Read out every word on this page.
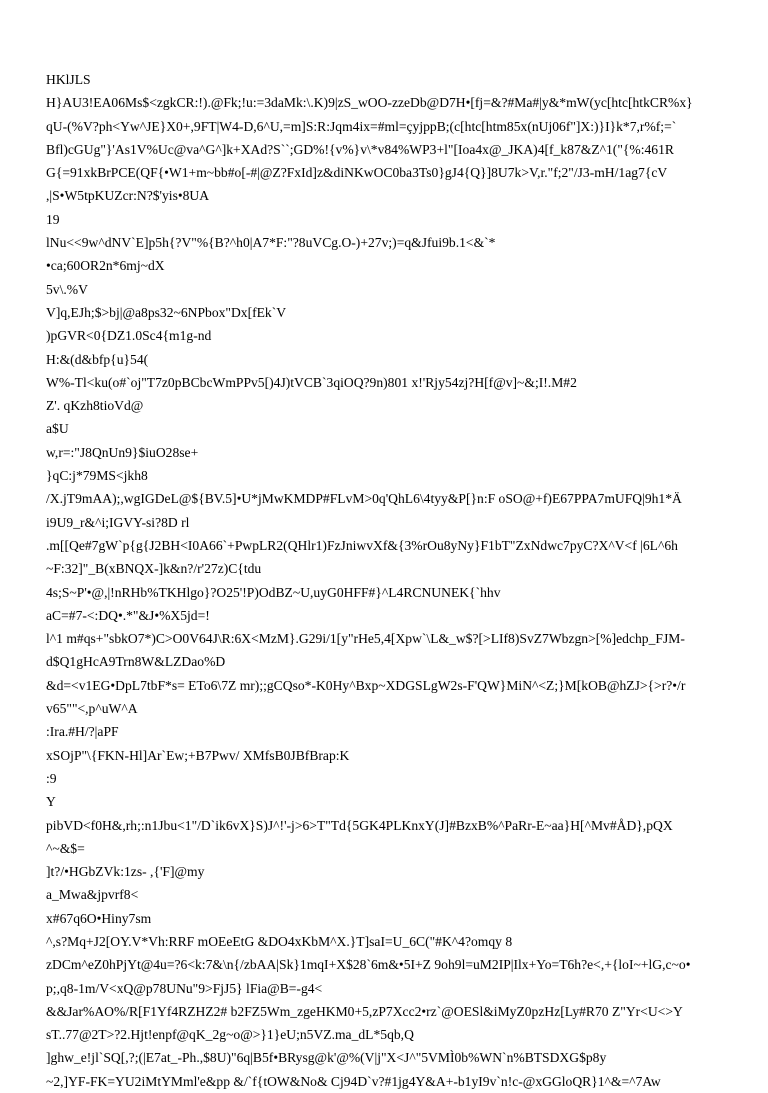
HKlJLS
H}AU3!EA06Ms$<zgkCR:!).@Fk;!u:=3daMk:\.K)9|zS_wOO-zzeDb@D7H•[fj=&?#Ma#|y&*mW(yc[htc[htkCR%x}
qU-(%V?ph<Yw^JE}X0+,9FT|W4-D,6^U,=m]S:R:Jqm4ix=#ml=çyjppB;(c[htc[htm85x(nUj06f"]X:)}I}k*7,r%f;=`
Bfl)cGUg"}'As1V%Uc@va^G^]k+XAd?S``;GD%!{v%}v\*v84%WP3+l"[Ioa4x@_JKA)4[f_k87&Z^1("{%:461R
G{=91xkBrPCE(QF{•W1+m~bb#o[-#|@Z?FxId]z&diNKwOC0ba3Ts0}gJ4{Q}]8U7k>V,r."f;2"/J3-mH/1ag7{cV
,|S•W5tpKUZcr:N?$'yis•8UA
19
lNu<<9w^dNV`E]p5h{?V"%{B?^h0|A7*F:"?8uVCg.O-)+27v;)=q&Jfui9b.1<&`*
•ca;60OR2n*6mj~dX
5v\.%V
V]q,EJh;$>bj|@a8ps32~6NPbox"Dx[fEk`V
)pGVR<0{DZ1.0Sc4{m1g-nd
H:&(d&bfp{u}54(
W%-Tl<ku(o#`oj"T7z0pBCbcWmPPv5[)4J)tVCB`3qiOQ?9n)801 x!'Rjy54zj?H[f@v]~&;I!.M#2
Z'. qKzh8tioVd@
a$U
w,r=:"J8QnUn9}$iuO28se+
}qC:j*79MS<jkh8
/X.jT9mAA);,wgIGDeL@${BV.5]•U*jMwKMDP#FLvM>0q'QhL6\4tyy&P[}n:F oSO@+f)E67PPA7mUFQ|9h1*Ä
i9U9_r&^i;IGVY-si?8D rl
.m[[Qe#7gW`p{g{J2BH<I0A66`+PwpLR2(QHlr1)FzJniwvXf&{3%rOu8yNy}F1bT"ZxNdwc7pyC?X^V<f |6L^6h
~F:32]"_B(xBNQX-]k&n?/r'27z)C{tdu
4s;S~P'•@,|!nRHb%TKHlgo}?O25'!P)OdBZ~U,uyG0HFF#}^L4RCNUNEK{`hhv
aC=#7-<:DQ•.*"&J•%X5jd=!
l^1 m#qs+"sbkO7*)C>O0V64J\R:6X<MzM}.G29i/1[y"rHe5,4[Xpw`\L&_w$?[>LIf8)SvZ7Wbzgn>[%]edchp_FJM-
d$Q1gHcA9Trn8W&LZDao%D
&d=<v1EG•DpL7tbF*s= ETo6\7Z mr);;gCQso*-K0Hy^Bxp~XDGSLgW2s-F'QW}MiN^<Z;}M[kOB@hZJ>{>r?•/r
v65""<,p^uW^A
:Ira.#H/?|aPF
xSOjP"\{FKN-Hl]Ar`Ew;+B7Pwv/ XMfsB0JBfBrap:K
:9
Y
pibVD<f0H&,rh;:n1Jbu<1"/D`ik6vX}S)J^!'-j>6>T"Td{5GK4PLKnxY(J]#BzxB%^PaRr-E~aa}H[^Mv#ÅD},pQX
^~&$=
]t?/•HGbZVk:1zs- ,{'F]@my
a_Mwa&jpvrf8<
x#67q6O•Hiny7sm
^,s?Mq+J2[OY.V*Vh:RRF mOEeEtG &DO4xKbM^X.}T]saI=U_6C("#K^4?omqy 8
zDCm^eZ0hPjYt@4u=?6<k:7&\n{/zbAA|Sk}1mqI+X$28`6m&•5I+Z 9oh9l=uM2IP|Ilx+Yo=T6h?e<,+{loI~+lG,c~o•
p;,q8-1m/V<xQ@p78UNu"9>FjJ5} lFia@B=-g4<
&&Jar%AO%/R[F1Yf4RZHZ2# b2FZ5Wm_zgeHKM0+5,zP7Xcc2•rz`@OESl&iMyZ0pzHz[Ly#R70 Z"Yr<U<>Y
sT..77@2T>?2.Hjt!enpf@qK_2g~o@>}1}eU;n5VZ.ma_dL*5qb,Q
]ghw_e!jl`SQ[,?;(|E7at_-Ph.,$8U)"6q|B5f•BRysg@k'@%(V|j"X<J^"5VMÌ0b%WN`n%BTSDXG$p8y
~2,]YF-FK=YU2iMtYMml'e&pp &/`f{tOW&No& Cj94D`v?#1jg4Y&A+-b1yI9v`n!c-@xGGloQR}1^&=^7Aw
